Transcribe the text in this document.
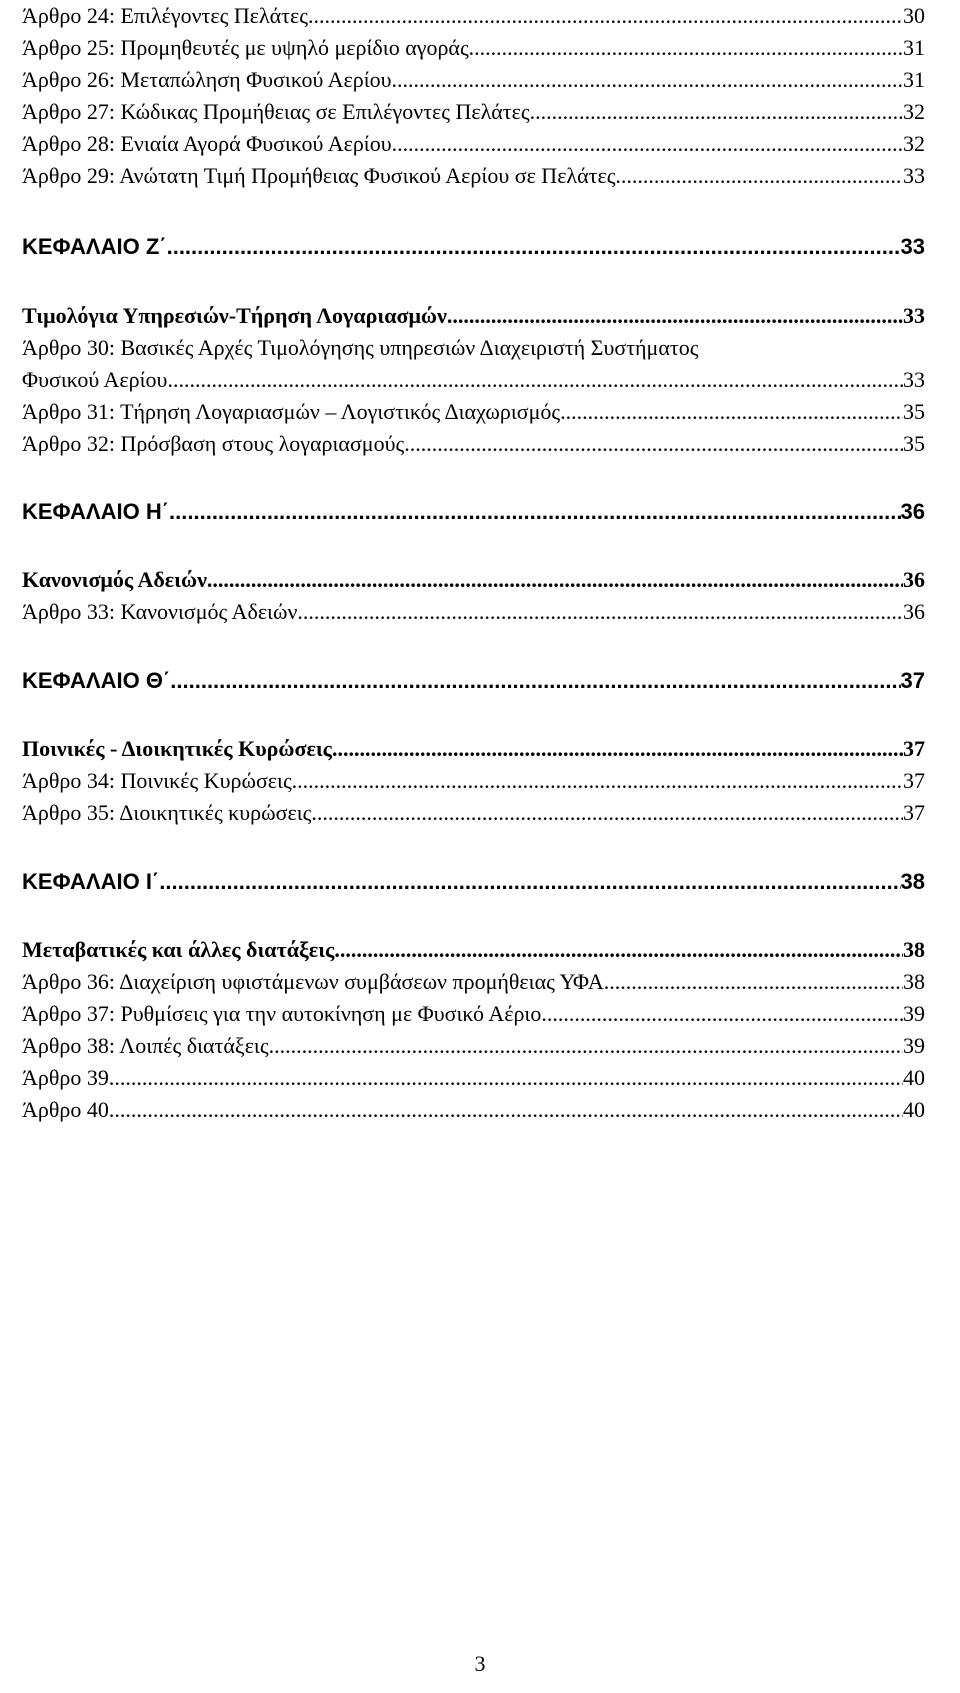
Άρθρο 24: Επιλέγοντες Πελάτες .....	30
Άρθρο 25: Προμηθευτές με υψηλό μερίδιο αγοράς .....	31
Άρθρο 26: Μεταπώληση Φυσικού Αερίου .....	31
Άρθρο 27: Κώδικας Προμήθειας σε Επιλέγοντες Πελάτες .....	32
Άρθρο 28: Ενιαία Αγορά Φυσικού Αερίου .....	32
Άρθρο 29: Ανώτατη Τιμή Προμήθειας Φυσικού Αερίου σε Πελάτες .....	33
ΚΕΦΑΛΑΙΟ Ζ΄ .....	33
Τιμολόγια Υπηρεσιών-Τήρηση Λογαριασμών .....	33
Άρθρο 30: Βασικές Αρχές Τιμολόγησης υπηρεσιών Διαχειριστή Συστήματος
Φυσικού Αερίου .....	33
Άρθρο 31: Τήρηση Λογαριασμών – Λογιστικός Διαχωρισμός .....	35
Άρθρο 32: Πρόσβαση στους λογαριασμούς .....	35
ΚΕΦΑΛΑΙΟ Η΄ .....	36
Κανονισμός Αδειών .....	36
Άρθρο 33: Κανονισμός Αδειών .....	36
ΚΕΦΑΛΑΙΟ Θ΄ .....	37
Ποινικές - Διοικητικές Κυρώσεις .....	37
Άρθρο 34: Ποινικές Κυρώσεις .....	37
Άρθρο 35: Διοικητικές κυρώσεις .....	37
ΚΕΦΑΛΑΙΟ Ι΄ .....	38
Μεταβατικές και άλλες διατάξεις .....	38
Άρθρο 36: Διαχείριση υφιστάμενων συμβάσεων προμήθειας ΥΦΑ .....	38
Άρθρο 37: Ρυθμίσεις για την αυτοκίνηση με Φυσικό Αέριο .....	39
Άρθρο 38: Λοιπές διατάξεις .....	39
Άρθρο 39 .....	40
Άρθρο 40 .....	40
3
